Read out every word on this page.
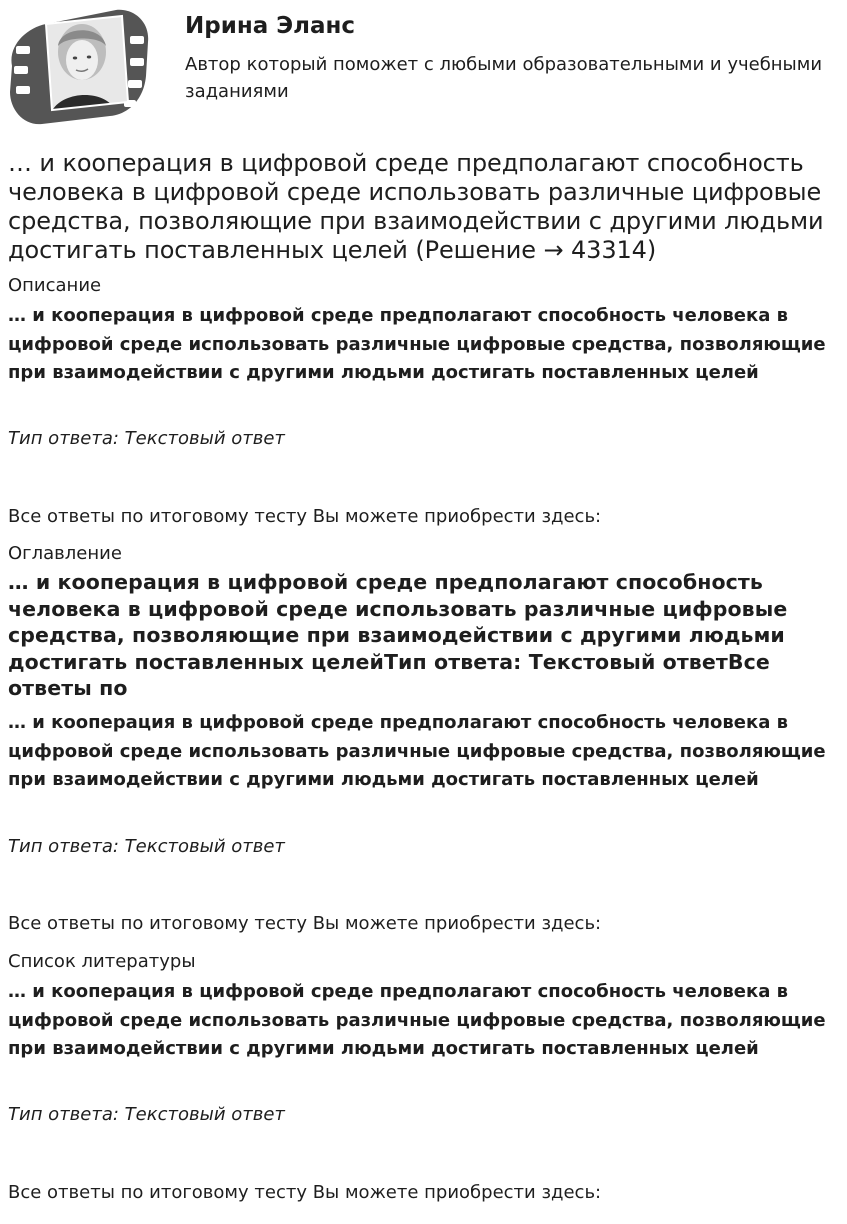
Ирина Эланс

Автор который поможет с любыми образовательными и учебными заданиями

… и кооперация в цифровой среде предполагают способность человека в цифровой среде использовать различные цифровые средства, позволяющие при взаимодействии с другими людьми достигать поставленных целей (Решение → 43314)

Описание

… и кооперация в цифровой среде предполагают способность человека в цифровой среде использовать различные цифровые средства, позволяющие при взаимодействии с другими людьми достигать поставленных целей

Тип ответа: Текстовый ответ

Все ответы по итоговому тесту Вы можете приобрести здесь:

Оглавление

… и кооперация в цифровой среде предполагают способность человека в цифровой среде использовать различные цифровые средства, позволяющие при взаимодействии с другими людьми достигать поставленных целейТип ответа: Текстовый ответВсе ответы по

… и кооперация в цифровой среде предполагают способность человека в цифровой среде использовать различные цифровые средства, позволяющие при взаимодействии с другими людьми достигать поставленных целей

Тип ответа: Текстовый ответ

Все ответы по итоговому тесту Вы можете приобрести здесь:

Список литературы

… и кооперация в цифровой среде предполагают способность человека в цифровой среде использовать различные цифровые средства, позволяющие при взаимодействии с другими людьми достигать поставленных целей

Тип ответа: Текстовый ответ

Все ответы по итоговому тесту Вы можете приобрести здесь:
